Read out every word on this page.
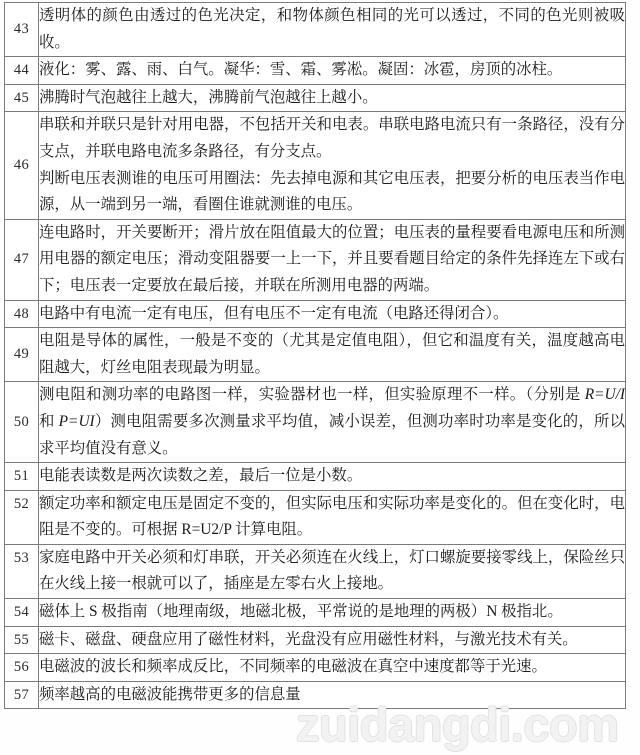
43	透明体的颜色由透过的色光决定，和物体颜色相同的光可以透过，不同的色光则被吸收。

44	液化：雾、露、雨、白气。凝华：雪、霜、雾凇。凝固：冰雹，房顶的冰柱。

45	沸腾时气泡越往上越大，沸腾前气泡越往上越小。

46	串联和并联只是针对用电器，不包括开关和电表。串联电路电流只有一条路径，没有分支点，并联电路电流多条路径，有分支点。

判断电压表测谁的电压可用圈法：先去掉电源和其它电压表，把要分析的电压表当作电源，从一端到另一端，看圈住谁就测谁的电压。

47	连电路时，开关要断开；滑片放在阻值最大的位置；电压表的量程要看电源电压和所测用电器的额定电压；滑动变阻器要一上一下，并且要看题目给定的条件先择连左下或右下；电压表一定要放在最后接，并联在所测用电器的两端。

48	电路中有电流一定有电压，但有电压不一定有电流（电路还得闭合）。

49	电阻是导体的属性，一般是不变的（尤其是定值电阻），但它和温度有关，温度越高电阻越大，灯丝电阻表现最为明显。

50	测电阻和测功率的电路图一样，实验器材也一样，但实验原理不一样。（分别是 R=U/I 和 P=UI）测电阻需要多次测量求平均值，减小误差，但测功率时功率是变化的，所以求平均值没有意义。

51	电能表读数是两次读数之差，最后一位是小数。

52	额定功率和额定电压是固定不变的，但实际电压和实际功率是变化的。但在变化时，电阻是不变的。可根据 R=U2/P 计算电阻。

53	家庭电路中开关必须和灯串联，开关必须连在火线上，灯口螺旋要接零线上，保险丝只在火线上接一根就可以了，插座是左零右火上接地。

54	磁体上 S 极指南（地理南级，地磁北极，平常说的是地理的两极）N 极指北。

55	磁卡、磁盘、硬盘应用了磁性材料，光盘没有应用磁性材料，与激光技术有关。

56	电磁波的波长和频率成反比，不同频率的电磁波在真空中速度都等于光速。

57	频率越高的电磁波能携带更多的信息量

zuidangdi.com
